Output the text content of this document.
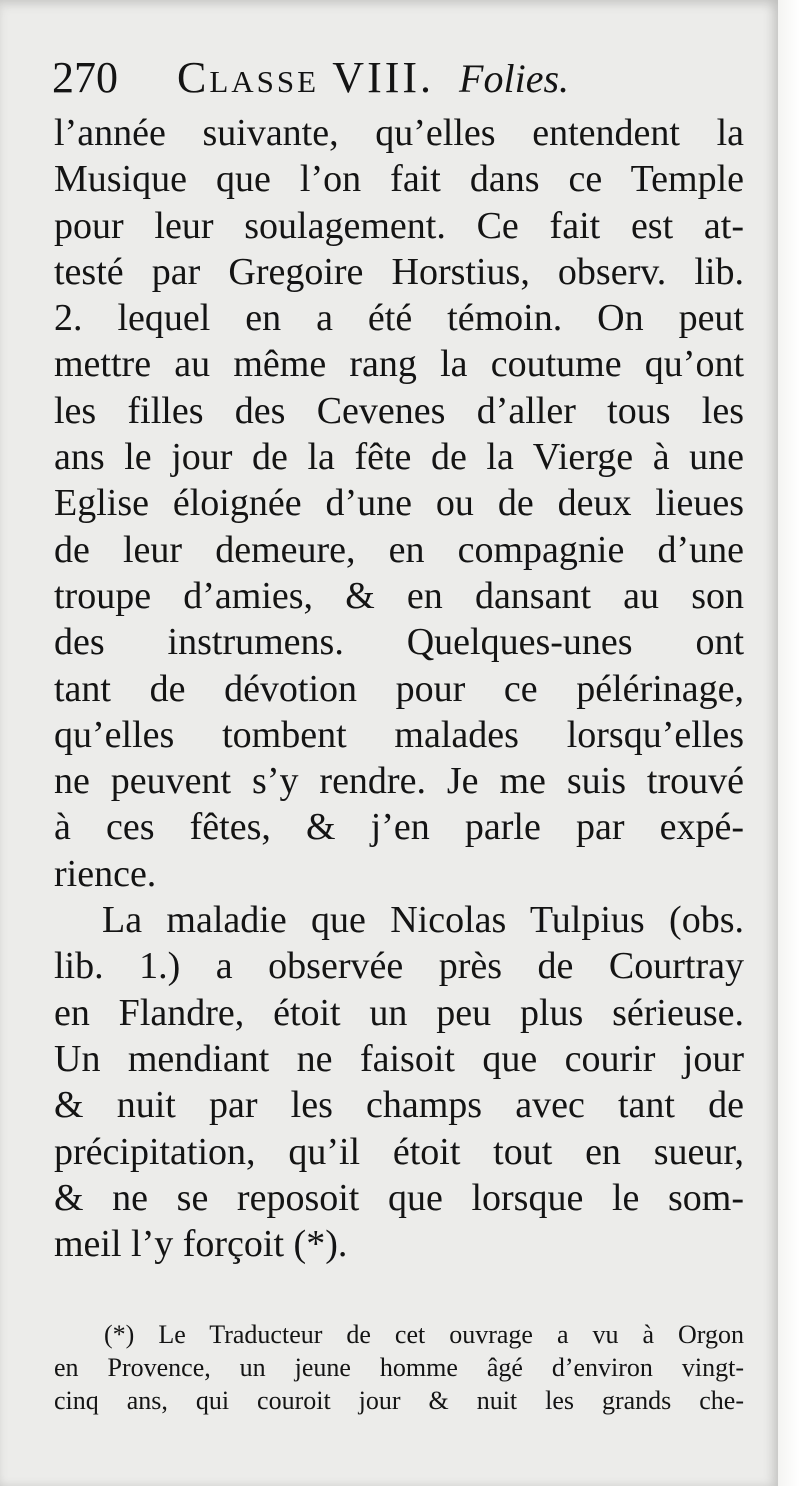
270 Classe VIII. Folies.
l’année suivante, qu’elles entendent la
Musique que l’on fait dans ce Temple
pour leur soulagement. Ce fait est at-
testé par Gregoire Horstius, observ. lib.
2. lequel en a été témoin. On peut
mettre au même rang la coutume qu’ont
les filles des Cevenes d’aller tous les
ans le jour de la fête de la Vierge à une
Eglise éloignée d’une ou de deux lieues
de leur demeure, en compagnie d’une
troupe d’amies, & en dansant au son
des instrumens. Quelques-unes ont
tant de dévotion pour ce pélérinage,
qu’elles tombent malades lorsqu’elles
ne peuvent s’y rendre. Je me suis trouvé
à ces fêtes, & j’en parle par expé-
rience.
La maladie que Nicolas Tulpius (obs.
lib. 1.) a observée près de Courtray
en Flandre, étoit un peu plus sérieuse.
Un mendiant ne faisoit que courir jour
& nuit par les champs avec tant de
précipitation, qu’il étoit tout en sueur,
& ne se reposoit que lorsque le som-
meil l’y forçoit (*).
(*) Le Traducteur de cet ouvrage a vu à Orgon
en Provence, un jeune homme âgé d’environ vingt-
cinq ans, qui couroit jour & nuit les grands che-
